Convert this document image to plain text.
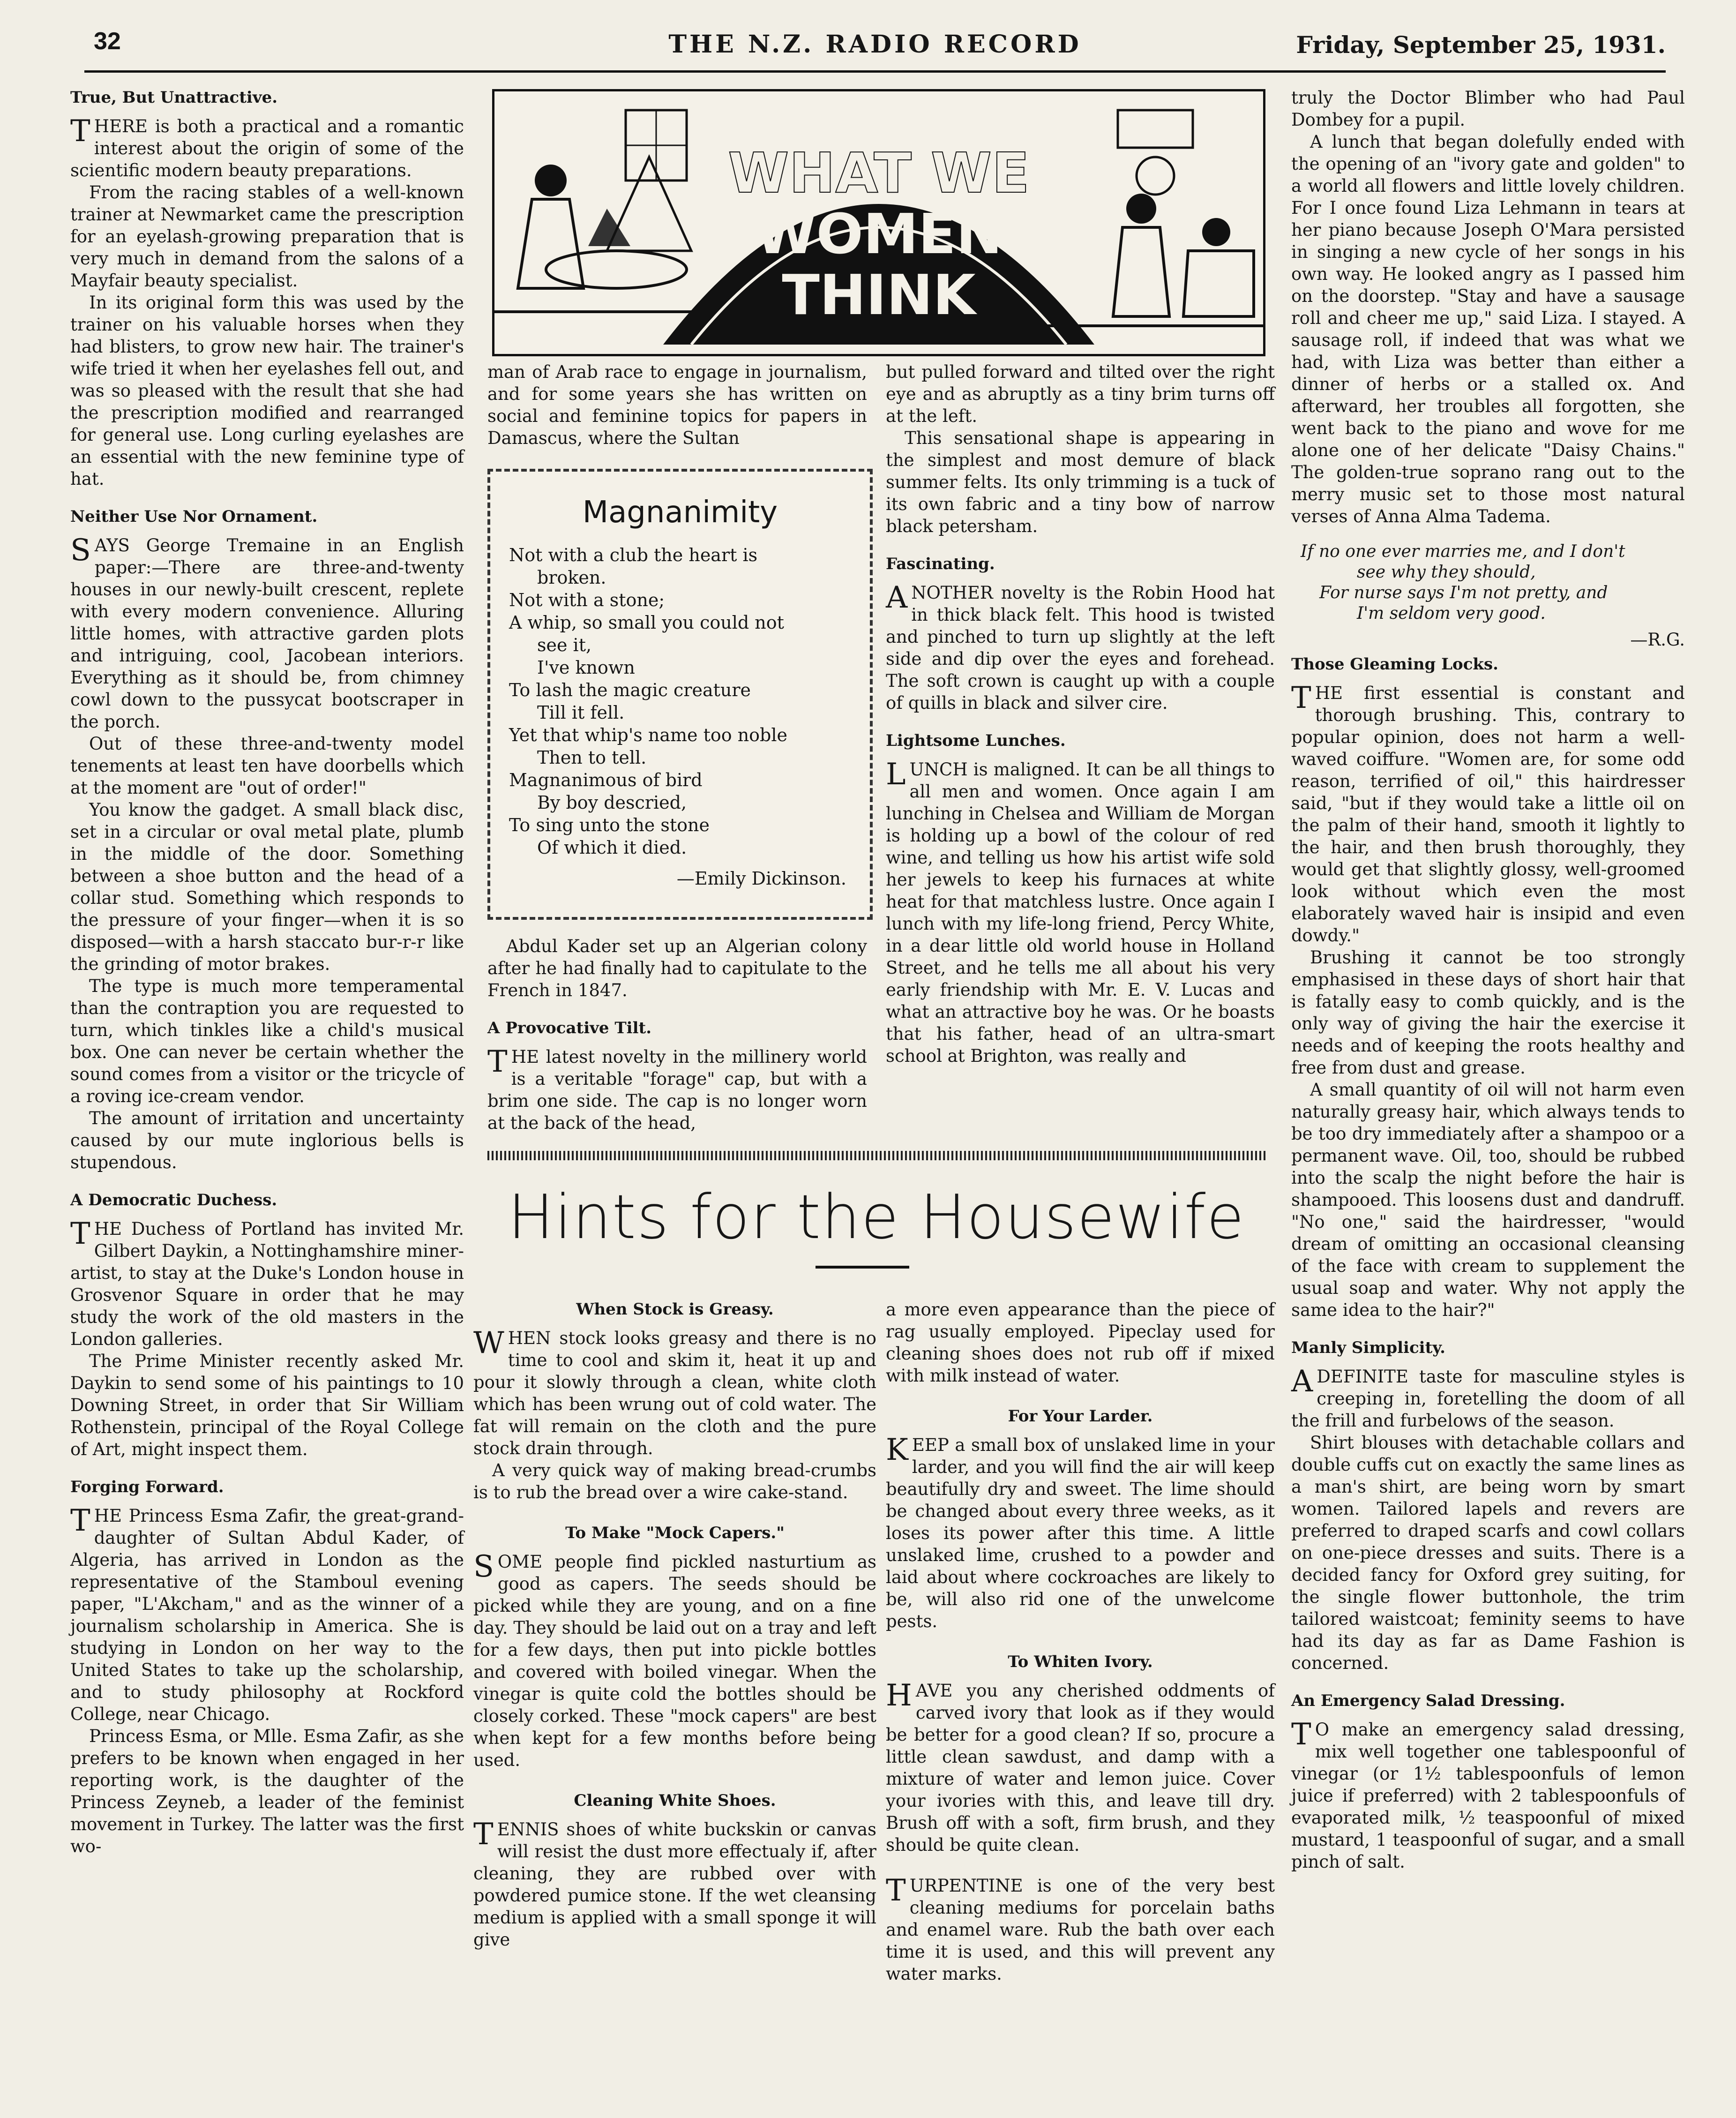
32	THE N.Z. RADIO RECORD	Friday, September 25, 1931.
True, But Unattractive.

THERE is both a practical and a romantic interest about the origin of some of the scientific modern beauty preparations.

From the racing stables of a well-known trainer at Newmarket came the prescription for an eyelash-growing preparation that is very much in demand from the salons of a Mayfair beauty specialist.

In its original form this was used by the trainer on his valuable horses when they had blisters, to grow new hair. The trainer's wife tried it when her eyelashes fell out, and was so pleased with the result that she had the prescription modified and rearranged for general use. Long curling eyelashes are an essential with the new feminine type of hat.

Neither Use Nor Ornament.

SAYS George Tremaine in an English paper:—There are three-and-twenty houses in our newly-built crescent, replete with every modern convenience. Alluring little homes, with attractive garden plots and intriguing, cool, Jacobean interiors. Everything as it should be, from chimney cowl down to the pussycat bootscraper in the porch.

Out of these three-and-twenty model tenements at least ten have doorbells which at the moment are "out of order!"

You know the gadget. A small black disc, set in a circular or oval metal plate, plumb in the middle of the door. Something between a shoe button and the head of a collar stud. Something which responds to the pressure of your finger—when it is so disposed—with a harsh staccato bur-r-r like the grinding of motor brakes.

The type is much more temperamental than the contraption you are requested to turn, which tinkles like a child's musical box. One can never be certain whether the sound comes from a visitor or the tricycle of a roving ice-cream vendor.

The amount of irritation and uncertainty caused by our mute inglorious bells is stupendous.

A Democratic Duchess.

THE Duchess of Portland has invited Mr. Gilbert Daykin, a Nottinghamshire miner-artist, to stay at the Duke's London house in Grosvenor Square in order that he may study the work of the old masters in the London galleries.

The Prime Minister recently asked Mr. Daykin to send some of his paintings to 10 Downing Street, in order that Sir William Rothenstein, principal of the Royal College of Art, might inspect them.

Forging Forward.

THE Princess Esma Zafir, the great-grand-daughter of Sultan Abdul Kader, of Algeria, has arrived in London as the representative of the Stamboul evening paper, "L'Akcham," and as the winner of a journalism scholarship in America. She is studying in London on her way to the United States to take up the scholarship, and to study philosophy at Rockford College, near Chicago.

Princess Esma, or Mlle. Esma Zafir, as she prefers to be known when engaged in her reporting work, is the daughter of the Princess Zeyneb, a leader of the feminist movement in Turkey. The latter was the first wo-

WHAT WE
WOMEN
THINK

man of Arab race to engage in journalism, and for some years she has written on social and feminine topics for papers in Damascus, where the Sultan

Magnanimity
Not with a club the heart is
broken.
Not with a stone;
A whip, so small you could not
see it,
I've known
To lash the magic creature
Till it fell.
Yet that whip's name too noble
Then to tell.
Magnanimous of bird
By boy descried,
To sing unto the stone
Of which it died.
—Emily Dickinson.

Abdul Kader set up an Algerian colony after he had finally had to capitulate to the French in 1847.

A Provocative Tilt.

THE latest novelty in the millinery world is a veritable "forage" cap, but with a brim one side. The cap is no longer worn at the back of the head,

but pulled forward and tilted over the right eye and as abruptly as a tiny brim turns off at the left.

This sensational shape is appearing in the simplest and most demure of black summer felts. Its only trimming is a tuck of its own fabric and a tiny bow of narrow black petersham.

Fascinating.

ANOTHER novelty is the Robin Hood hat in thick black felt. This hood is twisted and pinched to turn up slightly at the left side and dip over the eyes and forehead. The soft crown is caught up with a couple of quills in black and silver cire.

Lightsome Lunches.

LUNCH is maligned. It can be all things to all men and women. Once again I am lunching in Chelsea and William de Morgan is holding up a bowl of the colour of red wine, and telling us how his artist wife sold her jewels to keep his furnaces at white heat for that matchless lustre. Once again I lunch with my life-long friend, Percy White, in a dear little old world house in Holland Street, and he tells me all about his very early friendship with Mr. E. V. Lucas and what an attractive boy he was. Or he boasts that his father, head of an ultra-smart school at Brighton, was really and

Hints for the Housewife
When Stock is Greasy.

WHEN stock looks greasy and there is no time to cool and skim it, heat it up and pour it slowly through a clean, white cloth which has been wrung out of cold water. The fat will remain on the cloth and the pure stock drain through.

A very quick way of making bread-crumbs is to rub the bread over a wire cake-stand.

To Make "Mock Capers."

SOME people find pickled nasturtium as good as capers. The seeds should be picked while they are young, and on a fine day. They should be laid out on a tray and left for a few days, then put into pickle bottles and covered with boiled vinegar. When the vinegar is quite cold the bottles should be closely corked. These "mock capers" are best when kept for a few months before being used.

Cleaning White Shoes.

TENNIS shoes of white buckskin or canvas will resist the dust more effectualy if, after cleaning, they are rubbed over with powdered pumice stone. If the wet cleansing medium is applied with a small sponge it will give

a more even appearance than the piece of rag usually employed. Pipeclay used for cleaning shoes does not rub off if mixed with milk instead of water.

For Your Larder.

KEEP a small box of unslaked lime in your larder, and you will find the air will keep beautifully dry and sweet. The lime should be changed about every three weeks, as it loses its power after this time. A little unslaked lime, crushed to a powder and laid about where cockroaches are likely to be, will also rid one of the unwelcome pests.

To Whiten Ivory.

HAVE you any cherished oddments of carved ivory that look as if they would be better for a good clean? If so, procure a little clean sawdust, and damp with a mixture of water and lemon juice. Cover your ivories with this, and leave till dry. Brush off with a soft, firm brush, and they should be quite clean.

TURPENTINE is one of the very best cleaning mediums for porcelain baths and enamel ware. Rub the bath over each time it is used, and this will prevent any water marks.

truly the Doctor Blimber who had Paul Dombey for a pupil.

A lunch that began dolefully ended with the opening of an "ivory gate and golden" to a world all flowers and little lovely children. For I once found Liza Lehmann in tears at her piano because Joseph O'Mara persisted in singing a new cycle of her songs in his own way. He looked angry as I passed him on the doorstep. "Stay and have a sausage roll and cheer me up," said Liza. I stayed. A sausage roll, if indeed that was what we had, with Liza was better than either a dinner of herbs or a stalled ox. And afterward, her troubles all forgotten, she went back to the piano and wove for me alone one of her delicate "Daisy Chains." The golden-true soprano rang out to the merry music set to those most natural verses of Anna Alma Tadema.

If no one ever marries me, and I don't
see why they should,
For nurse says I'm not pretty, and
I'm seldom very good.
—R.G.
Those Gleaming Locks.

THE first essential is constant and thorough brushing. This, contrary to popular opinion, does not harm a well-waved coiffure. "Women are, for some odd reason, terrified of oil," this hairdresser said, "but if they would take a little oil on the palm of their hand, smooth it lightly to the hair, and then brush thoroughly, they would get that slightly glossy, well-groomed look without which even the most elaborately waved hair is insipid and even dowdy."

Brushing it cannot be too strongly emphasised in these days of short hair that is fatally easy to comb quickly, and is the only way of giving the hair the exercise it needs and of keeping the roots healthy and free from dust and grease.

A small quantity of oil will not harm even naturally greasy hair, which always tends to be too dry immediately after a shampoo or a permanent wave. Oil, too, should be rubbed into the scalp the night before the hair is shampooed. This loosens dust and dandruff. "No one," said the hairdresser, "would dream of omitting an occasional cleansing of the face with cream to supplement the usual soap and water. Why not apply the same idea to the hair?"

Manly Simplicity.

A DEFINITE taste for masculine styles is creeping in, foretelling the doom of all the frill and furbelows of the season.

Shirt blouses with detachable collars and double cuffs cut on exactly the same lines as a man's shirt, are being worn by smart women. Tailored lapels and revers are preferred to draped scarfs and cowl collars on one-piece dresses and suits. There is a decided fancy for Oxford grey suiting, for the single flower buttonhole, the trim tailored waistcoat; feminity seems to have had its day as far as Dame Fashion is concerned.

An Emergency Salad Dressing.

T O make an emergency salad dressing, mix well together one tablespoonful of vinegar (or 1½ tablespoonfuls of lemon juice if preferred) with 2 tablespoonfuls of evaporated milk, ½ teaspoonful of mixed mustard, 1 teaspoonful of sugar, and a small pinch of salt.
